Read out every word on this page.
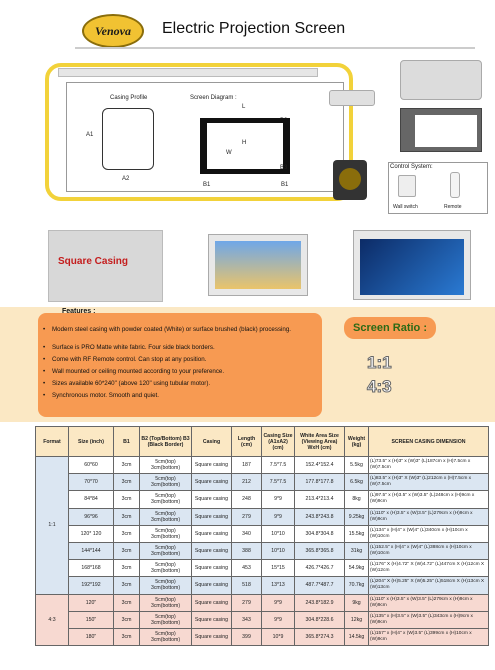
Venova Electric Projection Screen
Casing Profile
A1
A2
Screen Diagram :
L
H
W
B3
B1	B1
Control System:
Wall switch	Remote
Square Casing
Features :
• Modern steel casing with powder coated (White) or surface brushed (black) processing.
• Surface is PRO Matte white fabric. Four side black borders.
• Come with RF Remote control. Can stop at any position.
• Wall mounted or ceiling mounted according to your preference.
• Sizes available 60*240" (above 120" using tubular motor).
• Synchronous motor. Smooth and quiet.
Screen Ratio :
1:1
4:3
Format	Size (inch)	B1	B2 (Top/Bottom) B3 (Black Border)	Casing	Length (cm)	Casing Size (A1xA2) (cm)	White Area Size (Viewing Area) WxH (cm)	Weight (kg)	SCREEN CASING DIMENSION
1:1	60*60	3cm	5cm(top) 3cm(bottom)	Square casing	187	7.5*7.5	152.4*152.4	5.5kg	(L)73.5" x (H)3" x (W)3" (L)187cm x (H)7.5cm x (W)7.5cm
	70*70	3cm	5cm(top) 3cm(bottom)	Square casing	212	7.5*7.5	177.8*177.8	6.5kg	(L)83.5" x (H)3" X (W)3" (L)212cm x (H)7.5cm x (W)7.5cm
	84*84	3cm	5cm(top) 3cm(bottom)	Square casing	248	9*9	213.4*213.4	8kg	(L)97.5" x (H)3.5" x (W)3.5" (L)248cm x (H)9cm x (W)9cm
	96*96	3cm	5cm(top) 3cm(bottom)	Square casing	279	9*9	243.8*243.8	9.25kg	(L)110" x (H)3.5" x (W)3.5" (L)279cm x (H)9cm x (W)9cm
	120* 120	3cm	5cm(top) 3cm(bottom)	Square casing	340	10*10	304.8*304.8	15.5kg	(L)134" x (H)4" x (W)4" (L)340cm x (H)10cm x (W)10cm
	144*144	3cm	5cm(top) 3cm(bottom)	Square casing	388	10*10	365.8*365.8	31kg	(L)152.5" x (H)4" x (W)4" (L)388cm x (H)10cm x (W)10cm
	168*168	3cm	5cm(top) 3cm(bottom)	Square casing	453	15*15	426.7*426.7	54.9kg	(L)176" X (H)4.72" X (W)4.72" (L)447cm X (H)12cm X (W)12cm
	192*192	3cm	5cm(top) 3cm(bottom)	Square casing	518	13*13	487.7*487.7	70.7kg	(L)204" X (H)5.25" X (W)5.25" (L)518cm X (H)13cm X (W)13cm
4:3	120"	3cm	5cm(top) 3cm(bottom)	Square casing	279	9*9	243.8*182.9	9kg	(L)110" x (H)3.5" x (W)3.5" (L)279cm x (H)9cm x (W)9cm
	150"	3cm	5cm(top) 3cm(bottom)	Square casing	343	9*9	304.8*228.6	12kg	(L)135" x (H)3.5" x (W)3.5" (L)343cm x (H)9cm x (W)9cm
	180"	3cm	5cm(top) 3cm(bottom)	Square casing	399	10*9	365.8*274.3	14.5kg	(L)157" x (H)4" x (W)3.5" (L)399cm x (H)10cm x (W)9cm
